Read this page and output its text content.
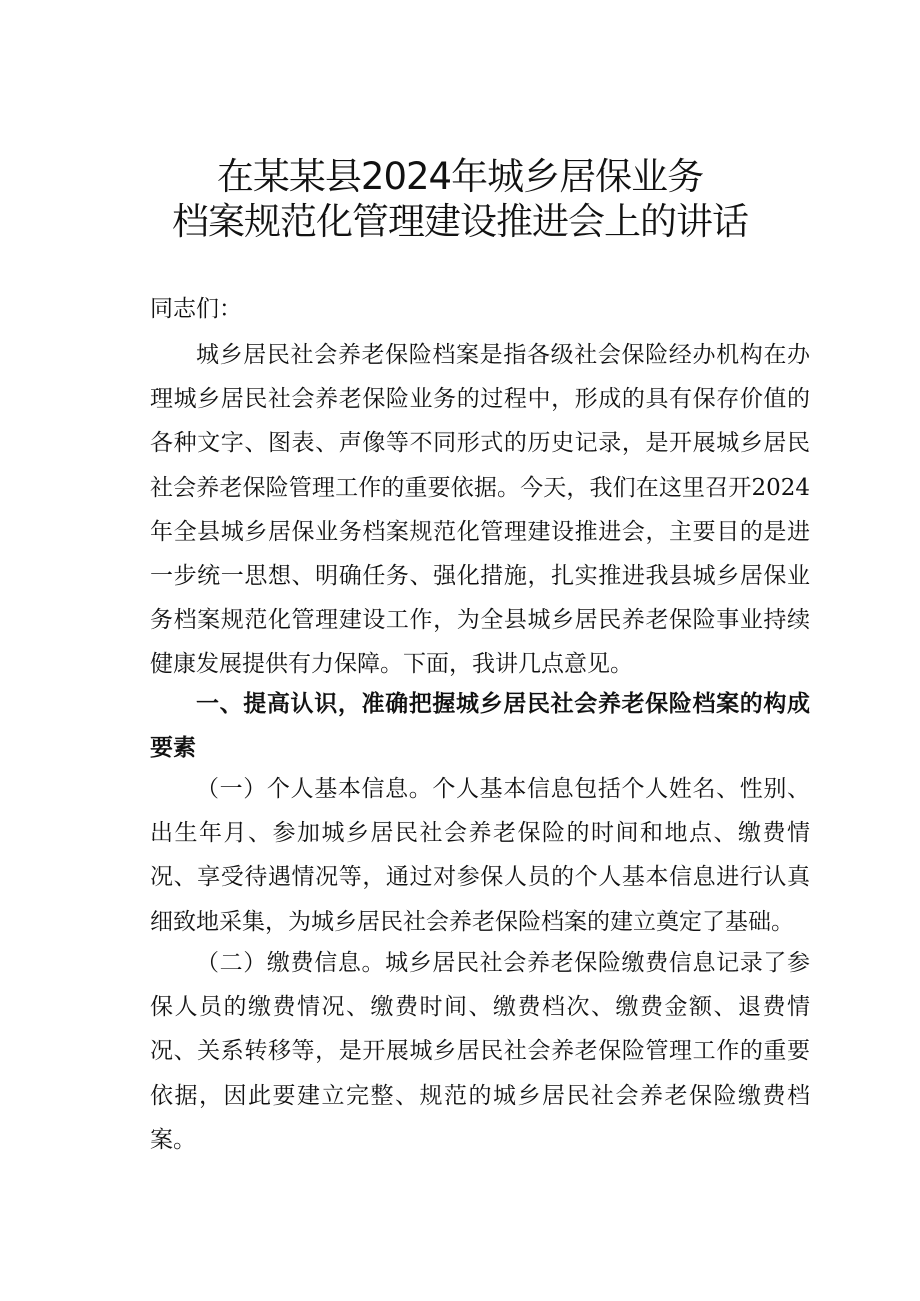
在某某县2024年城乡居保业务
档案规范化管理建设推进会上的讲话
同志们：

城乡居民社会养老保险档案是指各级社会保险经办机构在办理城乡居民社会养老保险业务的过程中，形成的具有保存价值的各种文字、图表、声像等不同形式的历史记录，是开展城乡居民社会养老保险管理工作的重要依据。今天，我们在这里召开2024年全县城乡居保业务档案规范化管理建设推进会，主要目的是进一步统一思想、明确任务、强化措施，扎实推进我县城乡居保业务档案规范化管理建设工作，为全县城乡居民养老保险事业持续健康发展提供有力保障。下面，我讲几点意见。

一、提高认识，准确把握城乡居民社会养老保险档案的构成要素

（一）个人基本信息。个人基本信息包括个人姓名、性别、出生年月、参加城乡居民社会养老保险的时间和地点、缴费情况、享受待遇情况等，通过对参保人员的个人基本信息进行认真细致地采集，为城乡居民社会养老保险档案的建立奠定了基础。

（二）缴费信息。城乡居民社会养老保险缴费信息记录了参保人员的缴费情况、缴费时间、缴费档次、缴费金额、退费情况、关系转移等，是开展城乡居民社会养老保险管理工作的重要依据，因此要建立完整、规范的城乡居民社会养老保险缴费档案。
